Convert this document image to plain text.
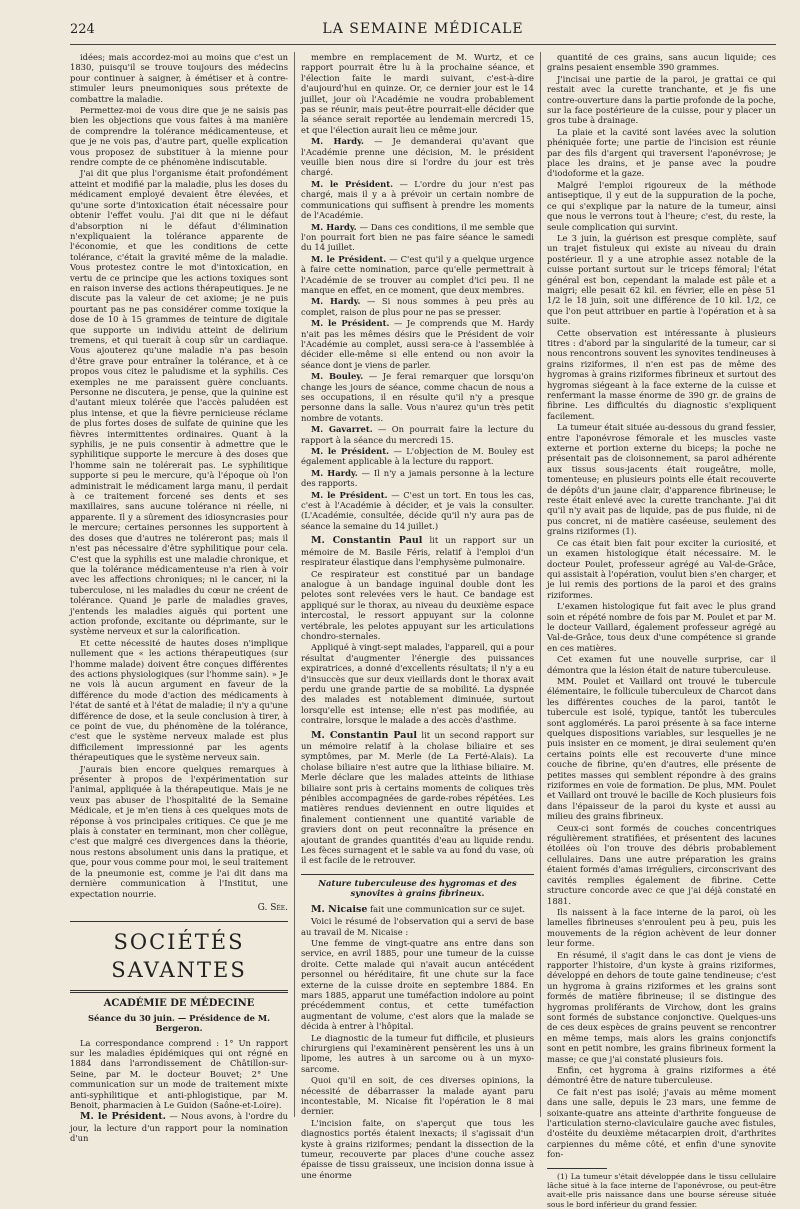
224	LA SEMAINE MÉDICALE

idées; mais accordez-moi au moins que c'est un 1830, puisqu'il se trouve toujours des médecins pour continuer à saigner, à émétiser et à contre-stimuler leurs pneumoniques sous prétexte de combattre la maladie.

Permettez-moi de vous dire que je ne saisis pas bien les objections que vous faites à ma manière de comprendre la tolérance médicamenteuse, et que je ne vois pas, d'autre part, quelle explication vous proposez de substituer à la mienne pour rendre compte de ce phénomène indiscutable.

J'ai dit que plus l'organisme était profondément atteint et modifié par la maladie, plus les doses du médicament employé devaient être élevées, et qu'une sorte d'intoxication était nécessaire pour obtenir l'effet voulu. J'ai dit que ni le défaut d'absorption ni le défaut d'élimination n'expliquaient la tolérance apparente de l'économie, et que les conditions de cette tolérance, c'était la gravité même de la maladie. Vous protestez contre le mot d'intoxication, en vertu de ce principe que les actions toxiques sont en raison inverse des actions thérapeutiques. Je ne discute pas la valeur de cet axiome; je ne puis pourtant pas ne pas considérer comme toxique la dose de 10 à 15 grammes de teinture de digitale que supporte un individu atteint de delirium tremens, et qui tuerait à coup sûr un cardiaque. Vous ajouterez qu'une maladie n'a pas besoin d'être grave pour entraîner la tolérance, et à ce propos vous citez le paludisme et la syphilis. Ces exemples ne me paraissent guère concluants. Personne ne discutera, je pense, que la quinine est d'autant mieux tolérée que l'accès paludéen est plus intense, et que la fièvre pernicieuse réclame de plus fortes doses de sulfate de quinine que les fièvres intermittentes ordinaires. Quant à la syphilis, je ne puis consentir à admettre que le syphilitique supporte le mercure à des doses que l'homme sain ne tolérerait pas. Le syphilitique supporte si peu le mercure, qu'à l'époque où l'on administrait le médicament larga manu, il perdait à ce traitement forcené ses dents et ses maxillaires, sans aucune tolérance ni réelle, ni apparente. Il y a sûrement des idiosyncrasies pour le mercure; certaines personnes les supportent à des doses que d'autres ne toléreront pas; mais il n'est pas nécessaire d'être syphilitique pour cela. C'est que la syphilis est une maladie chronique, et que la tolérance médicamenteuse n'a rien à voir avec les affections chroniques; ni le cancer, ni la tuberculose, ni les maladies du cœur ne créent de tolérance. Quand je parle de maladies graves, j'entends les maladies aiguës qui portent une action profonde, excitante ou déprimante, sur le système nerveux et sur la calorification.

Et cette nécessité de hautes doses n'implique nullement que « les actions thérapeutiques (sur l'homme malade) doivent être conçues différentes des actions physiologiques (sur l'homme sain). » Je ne vois là aucun argument en faveur de la différence du mode d'action des médicaments à l'état de santé et à l'état de maladie; il n'y a qu'une différence de dose, et la seule conclusion à tirer, à ce point de vue, du phénomène de la tolérance, c'est que le système nerveux malade est plus difficilement impressionné par les agents thérapeutiques que le système nerveux sain.

J'aurais bien encore quelques remarques à présenter à propos de l'expérimentation sur l'animal, appliquée à la thérapeutique. Mais je ne veux pas abuser de l'hospitalité de la Semaine Médicale, et je m'en tiens à ces quelques mots de réponse à vos principales critiques. Ce que je me plais à constater en terminant, mon cher collègue, c'est que malgré ces divergences dans la théorie, nous restons absolument unis dans la pratique, et que, pour vous comme pour moi, le seul traitement de la pneumonie est, comme je l'ai dit dans ma dernière communication à l'Institut, une expectation nourrie.

G. Sée.
SOCIÉTÉS SAVANTES
ACADÉMIE DE MÉDECINE
Séance du 30 juin. — Présidence de M. Bergeron.

La correspondance comprend : 1° Un rapport sur les maladies épidémiques qui ont régné en 1884 dans l'arrondissement de Châtillon-sur-Seine, par M. le docteur Bouvet; 2° Une communication sur un mode de traitement mixte anti-syphilitique et anti-phlogistique, par M. Benoit, pharmacien à Le Guidon (Saône-et-Loire).

M. le Président. — Nous avons, à l'ordre du jour, la lecture d'un rapport pour la nomination d'un

membre en remplacement de M. Wurtz, et ce rapport pourrait être lu à la prochaine séance, et l'élection faite le mardi suivant, c'est-à-dire d'aujourd'hui en quinze. Or, ce dernier jour est le 14 juillet, jour où l'Académie ne voudra probablement pas se réunir, mais peut-être pourrait-elle décider que la séance serait reportée au lendemain mercredi 15, et que l'élection aurait lieu ce même jour.

M. Hardy. — Je demanderai qu'avant que l'Académie prenne une décision, M. le président veuille bien nous dire si l'ordre du jour est très chargé.

M. le Président. — L'ordre du jour n'est pas chargé, mais il y a à prévoir un certain nombre de communications qui suffisent à prendre les moments de l'Académie.

M. Hardy. — Dans ces conditions, il me semble que l'on pourrait fort bien ne pas faire séance le samedi du 14 juillet.

M. le Président. — C'est qu'il y a quelque urgence à faire cette nomination, parce qu'elle permettrait à l'Académie de se trouver au complet d'ici peu. Il ne manque en effet, en ce moment, que deux membres.

M. Hardy. — Si nous sommes à peu près au complet, raison de plus pour ne pas se presser.

M. le Président. — Je comprends que M. Hardy n'ait pas les mêmes désirs que le Président de voir l'Académie au complet, aussi sera-ce à l'assemblée à décider elle-même si elle entend ou non avoir la séance dont je viens de parler.

M. Bouley. — Je ferai remarquer que lorsqu'on change les jours de séance, comme chacun de nous a ses occupations, il en résulte qu'il n'y a presque personne dans la salle. Vous n'aurez qu'un très petit nombre de votants.

M. Gavarret. — On pourrait faire la lecture du rapport à la séance du mercredi 15.

M. le Président. — L'objection de M. Bouley est également applicable à la lecture du rapport.

M. Hardy. — Il n'y a jamais personne à la lecture des rapports.

M. le Président. — C'est un tort. En tous les cas, c'est à l'Académie à décider, et je vais la consulter. (L'Académie, consultée, décide qu'il n'y aura pas de séance la semaine du 14 juillet.)

M. Constantin Paul lit un rapport sur un mémoire de M. Basile Féris, relatif à l'emploi d'un respirateur élastique dans l'emphysème pulmonaire.

Ce respirateur est constitué par un bandage analogue à un bandage inguinal double dont les pelotes sont relevées vers le haut. Ce bandage est appliqué sur le thorax, au niveau du deuxième espace intercostal, le ressort appuyant sur la colonne vertébrale, les pelotes appuyant sur les articulations chondro-sternales.

Appliqué à vingt-sept malades, l'appareil, qui a pour résultat d'augmenter l'énergie des puissances expiratrices, a donné d'excellents résultats; il n'y a eu d'insuccès que sur deux vieillards dont le thorax avait perdu une grande partie de sa mobilité. La dyspnée des malades est notablement diminuée, surtout lorsqu'elle est intense; elle n'est pas modifiée, au contraire, lorsque le malade a des accès d'asthme.

M. Constantin Paul lit un second rapport sur un mémoire relatif à la cholase biliaire et ses symptômes, par M. Merle (de La Ferté-Alais). La cholase biliaire n'est autre que la lithiase biliaire. M. Merle déclare que les malades atteints de lithiase biliaire sont pris à certains moments de coliques très pénibles accompagnées de garde-robes répétées. Les matières rendues deviennent en outre liquides et finalement contiennent une quantité variable de graviers dont on peut reconnaître la présence en ajoutant de grandes quantités d'eau au liquide rendu. Les fèces surnagent et le sable va au fond du vase, où il est facile de le retrouver.

Nature tuberculeuse des hygromas et des synovites à grains fibrineux.

M. Nicaise fait une communication sur ce sujet.

Voici le résumé de l'observation qui a servi de base au travail de M. Nicaise :

Une femme de vingt-quatre ans entre dans son service, en avril 1885, pour une tumeur de la cuisse droite. Cette malade qui n'avait aucun antécédent personnel ou héréditaire, fit une chute sur la face externe de la cuisse droite en septembre 1884. En mars 1885, apparut une tuméfaction indolore au point précédemment contus, et cette tuméfaction augmentant de volume, c'est alors que la malade se décida à entrer à l'hôpital.

Le diagnostic de la tumeur fut difficile, et plusieurs chirurgiens qui l'examinèrent pensèrent les uns à un lipome, les autres à un sarcome ou à un myxo-sarcome.

Quoi qu'il en soit, de ces diverses opinions, la nécessité de débarrasser la malade ayant paru incontestable, M. Nicaise fit l'opération le 8 mai dernier.

L'incision faite, on s'aperçut que tous les diagnostics portés étaient inexacts; il s'agissait d'un kyste à grains riziformes; pendant la dissection de la tumeur, recouverte par places d'une couche assez épaisse de tissu graisseux, une incision donna issue à une énorme

quantité de ces grains, sans aucun liquide; ces grains pesaient ensemble 390 grammes.

J'incisai une partie de la paroi, je grattai ce qui restait avec la curette tranchante, et je fis une contre-ouverture dans la partie profonde de la poche, sur la face postérieure de la cuisse, pour y placer un gros tube à drainage.

La plaie et la cavité sont lavées avec la solution phéniquée forte; une partie de l'incision est réunie par des fils d'argent qui traversent l'aponévrose; je place les drains, et je panse avec la poudre d'iodoforme et la gaze.

Malgré l'emploi rigoureux de la méthode antiseptique, il y eut de la suppuration de la poche, ce qui s'explique par la nature de la tumeur, ainsi que nous le verrons tout à l'heure; c'est, du reste, la seule complication qui survint.

Le 3 juin, la guérison est presque complète, sauf un trajet fistuleux qui existe au niveau du drain postérieur. Il y a une atrophie assez notable de la cuisse portant surtout sur le triceps fémoral; l'état général est bon, cependant la malade est pâle et a maigri; elle pesait 62 kil. en février, elle en pèse 51 1/2 le 18 juin, soit une différence de 10 kil. 1/2, ce que l'on peut attribuer en partie à l'opération et à sa suite.

Cette observation est intéressante à plusieurs titres : d'abord par la singularité de la tumeur, car si nous rencontrons souvent les synovites tendineuses à grains riziformes, il n'en est pas de même des hygromas à grains riziformes fibrineux et surtout des hygromas siégeant à la face externe de la cuisse et renfermant la masse énorme de 390 gr. de grains de fibrine. Les difficultés du diagnostic s'expliquent facilement.

La tumeur était située au-dessous du grand fessier, entre l'aponévrose fémorale et les muscles vaste externe et portion externe du biceps; la poche ne présentait pas de cloisonnement, sa paroi adhérente aux tissus sous-jacents était rougeâtre, molle, tomenteuse; en plusieurs points elle était recouverte de dépôts d'un jaune clair, d'apparence fibrineuse; le reste était enlevé avec la curette tranchante. J'ai dit qu'il n'y avait pas de liquide, pas de pus fluide, ni de pus concret, ni de matière caséeuse, seulement des grains riziformes (1).

Ce cas était bien fait pour exciter la curiosité, et un examen histologique était nécessaire. M. le docteur Poulet, professeur agrégé au Val-de-Grâce, qui assistait à l'opération, voulut bien s'en charger, et je lui remis des portions de la paroi et des grains riziformes.

L'examen histologique fut fait avec le plus grand soin et répété nombre de fois par M. Poulet et par M. le docteur Vaillard, également professeur agrégé au Val-de-Grâce, tous deux d'une compétence si grande en ces matières.

Cet examen fut une nouvelle surprise, car il démontra que la lésion était de nature tuberculeuse.

MM. Poulet et Vaillard ont trouvé le tubercule élémentaire, le follicule tuberculeux de Charcot dans les différentes couches de la paroi, tantôt le tubercule est isolé, typique, tantôt les tubercules sont agglomérés. La paroi présente à sa face interne quelques dispositions variables, sur lesquelles je ne puis insister en ce moment, je dirai seulement qu'en certains points elle est recouverte d'une mince couche de fibrine, qu'en d'autres, elle présente de petites masses qui semblent répondre à des grains riziformes en voie de formation. De plus, MM. Poulet et Vaillard ont trouvé le bacille de Koch plusieurs fois dans l'épaisseur de la paroi du kyste et aussi au milieu des grains fibrineux.

Ceux-ci sont formés de couches concentriques régulièrement stratifiées, et présentent des lacunes étoilées où l'on trouve des débris probablement cellulaires. Dans une autre préparation les grains étaient formés d'amas irréguliers, circonscrivant des cavités remplies également de fibrine. Cette structure concorde avec ce que j'ai déjà constaté en 1881.

Ils naissent à la face interne de la paroi, où les lamelles fibrineuses s'enroulent peu à peu, puis les mouvements de la région achèvent de leur donner leur forme.

En résumé, il s'agit dans le cas dont je viens de rapporter l'histoire, d'un kyste à grains riziformes, développé en dehors de toute gaine tendineuse; c'est un hygroma à grains riziformes et les grains sont formés de matière fibrineuse; il se distingue des hygromas proliférants de Virchow, dont les grains sont formés de substance conjonctive. Quelques-uns de ces deux espèces de grains peuvent se rencontrer en même temps, mais alors les grains conjonctifs sont en petit nombre, les grains fibrineux forment la masse; ce que j'ai constaté plusieurs fois.

Enfin, cet hygroma à grains riziformes a été démontré être de nature tuberculeuse.

Ce fait n'est pas isolé; j'avais au même moment dans une salle, depuis le 23 mars, une femme de soixante-quatre ans atteinte d'arthrite fongueuse de l'articulation sterno-claviculaire gauche avec fistules, d'ostéite du deuxième métacarpien droit, d'arthrites carpiennes du même côté, et enfin d'une synovite fon-

(1) La tumeur s'était développée dans le tissu cellulaire lâche situé à la face interne de l'aponévrose, ou peut-être avait-elle pris naissance dans une bourse séreuse située sous le bord inférieur du grand fessier.
